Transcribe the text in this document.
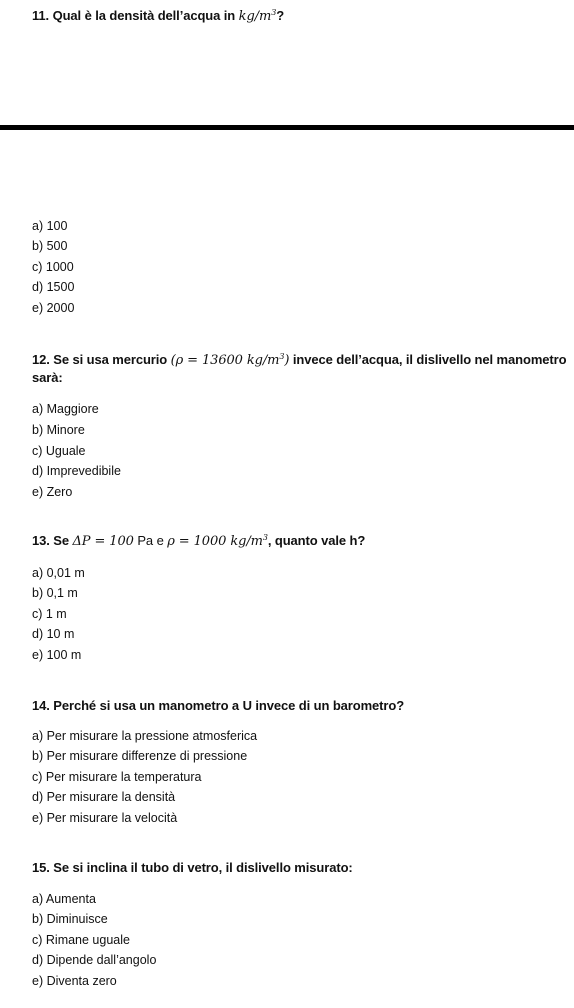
11. Qual è la densità dell’acqua in $kg/m^3$?
a) 100
b) 500
c) 1000
d) 1500
e) 2000
12. Se si usa mercurio (ρ = 13600 $kg/m^3$) invece dell’acqua, il dislivello nel manometro
sarà:
a) Maggiore
b) Minore
c) Uguale
d) Imprevedibile
e) Zero
13. Se ΔP = 100 Pa e ρ = 1000 $kg/m^3$, quanto vale h?
a) 0,01 m
b) 0,1 m
c) 1 m
d) 10 m
e) 100 m
14. Perché si usa un manometro a U invece di un barometro?
a) Per misurare la pressione atmosferica
b) Per misurare differenze di pressione
c) Per misurare la temperatura
d) Per misurare la densità
e) Per misurare la velocità
15. Se si inclina il tubo di vetro, il dislivello misurato:
a) Aumenta
b) Diminuisce
c) Rimane uguale
d) Dipende dall’angolo
e) Diventa zero
